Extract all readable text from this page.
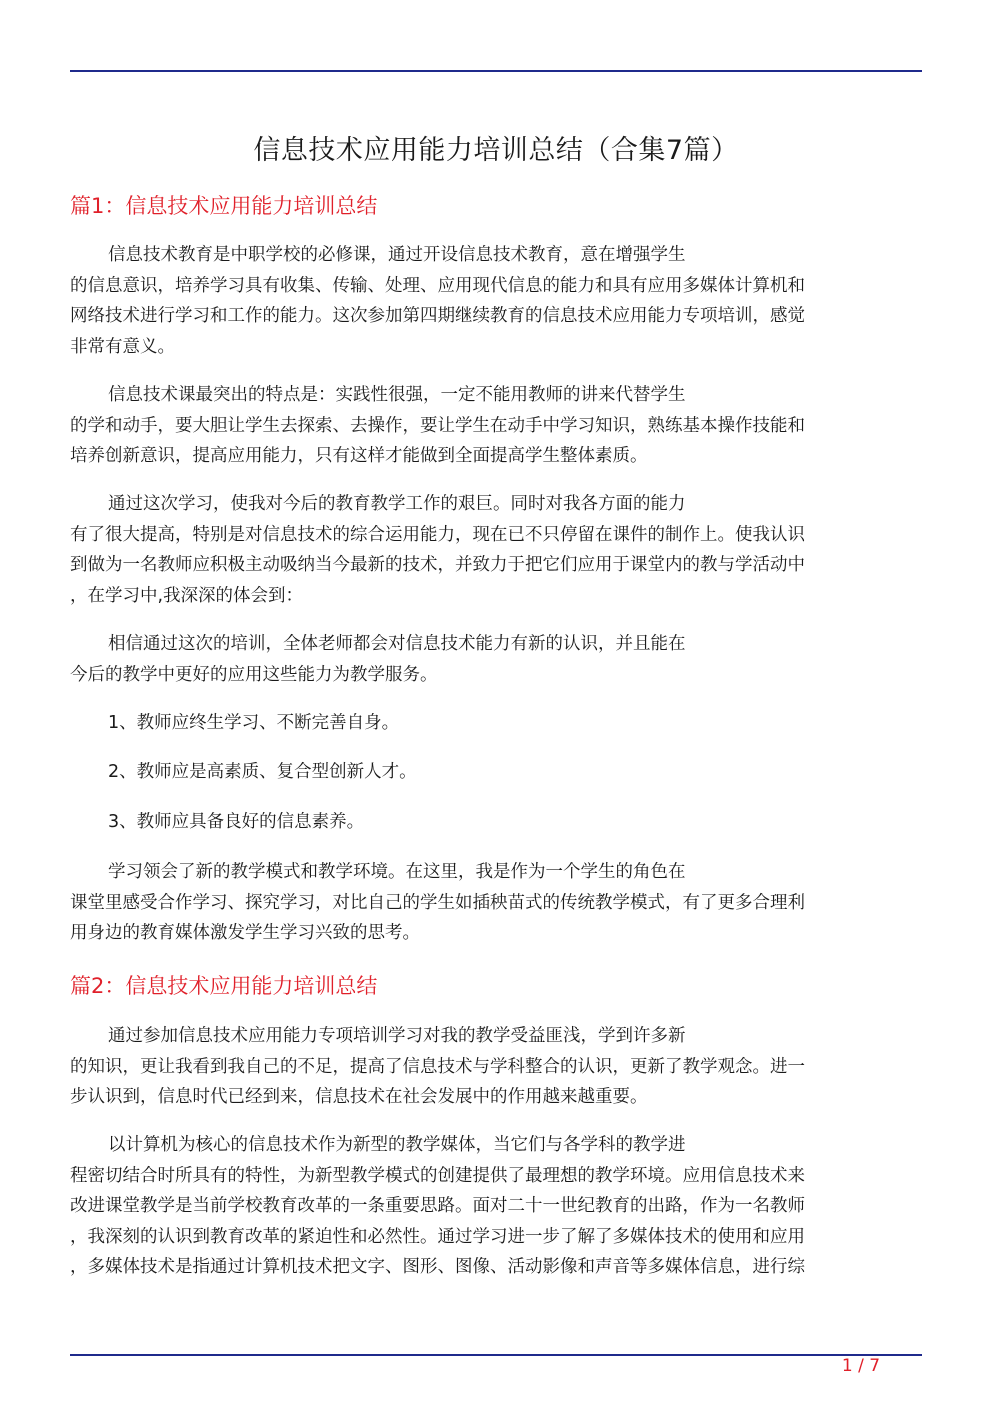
信息技术应用能力培训总结（合集7篇）
篇1：信息技术应用能力培训总结

信息技术教育是中职学校的必修课，通过开设信息技术教育，意在增强学生

的信息意识，培养学习具有收集、传输、处理、应用现代信息的能力和具有应用多媒体计算机和

网络技术进行学习和工作的能力。这次参加第四期继续教育的信息技术应用能力专项培训，感觉

非常有意义。

信息技术课最突出的特点是：实践性很强，一定不能用教师的讲来代替学生

的学和动手，要大胆让学生去探索、去操作，要让学生在动手中学习知识，熟练基本操作技能和

培养创新意识，提高应用能力，只有这样才能做到全面提高学生整体素质。

通过这次学习，使我对今后的教育教学工作的艰巨。同时对我各方面的能力

有了很大提高，特别是对信息技术的综合运用能力，现在已不只停留在课件的制作上。使我认识

到做为一名教师应积极主动吸纳当今最新的技术，并致力于把它们应用于课堂内的教与学活动中

，在学习中,我深深的体会到：

相信通过这次的培训，全体老师都会对信息技术能力有新的认识，并且能在

今后的教学中更好的应用这些能力为教学服务。

1、教师应终生学习、不断完善自身。

2、教师应是高素质、复合型创新人才。

3、教师应具备良好的信息素养。

学习领会了新的教学模式和教学环境。在这里，我是作为一个学生的角色在

课堂里感受合作学习、探究学习，对比自己的学生如插秧苗式的传统教学模式，有了更多合理利

用身边的教育媒体激发学生学习兴致的思考。

篇2：信息技术应用能力培训总结

通过参加信息技术应用能力专项培训学习对我的教学受益匪浅，学到许多新

的知识，更让我看到我自己的不足，提高了信息技术与学科整合的认识，更新了教学观念。进一

步认识到，信息时代已经到来，信息技术在社会发展中的作用越来越重要。

以计算机为核心的信息技术作为新型的教学媒体，当它们与各学科的教学进

程密切结合时所具有的特性，为新型教学模式的创建提供了最理想的教学环境。应用信息技术来

改进课堂教学是当前学校教育改革的一条重要思路。面对二十一世纪教育的出路，作为一名教师

，我深刻的认识到教育改革的紧迫性和必然性。通过学习进一步了解了多媒体技术的使用和应用

，多媒体技术是指通过计算机技术把文字、图形、图像、活动影像和声音等多媒体信息，进行综

1 / 7
